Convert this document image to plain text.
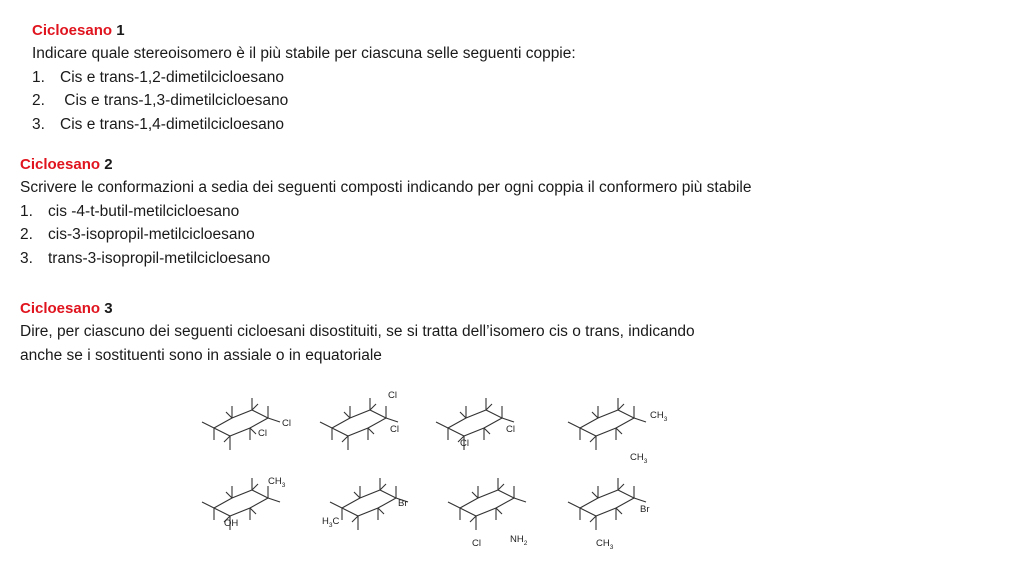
Cicloesano 1
Indicare quale stereoisomero è il più stabile per ciascuna selle seguenti coppie:
1. Cis e trans-1,2-dimetilcicloesano
2. Cis e trans-1,3-dimetilcicloesano
3. Cis e trans-1,4-dimetilcicloesano
Cicloesano 2
Scrivere le conformazioni a sedia dei seguenti composti indicando per ogni coppia il conformero più stabile
1. cis -4-t-butil-metilcicloesano
2. cis-3-isopropil-metilcicloesano
3. trans-3-isopropil-metilcicloesano
Cicloesano 3
Dire, per ciascuno dei seguenti cicloesani disostituiti, se si tratta dell’isomero cis o trans, indicando
anche se i sostituenti sono in assiale o in equatoriale
Cl
Cl
Cl
Cl
Cl
Cl
$CH_3$
$CH_3$
$CH_3$
OH
Br
$H_3C$
Cl	$NH_2$
Br
$CH_3$
